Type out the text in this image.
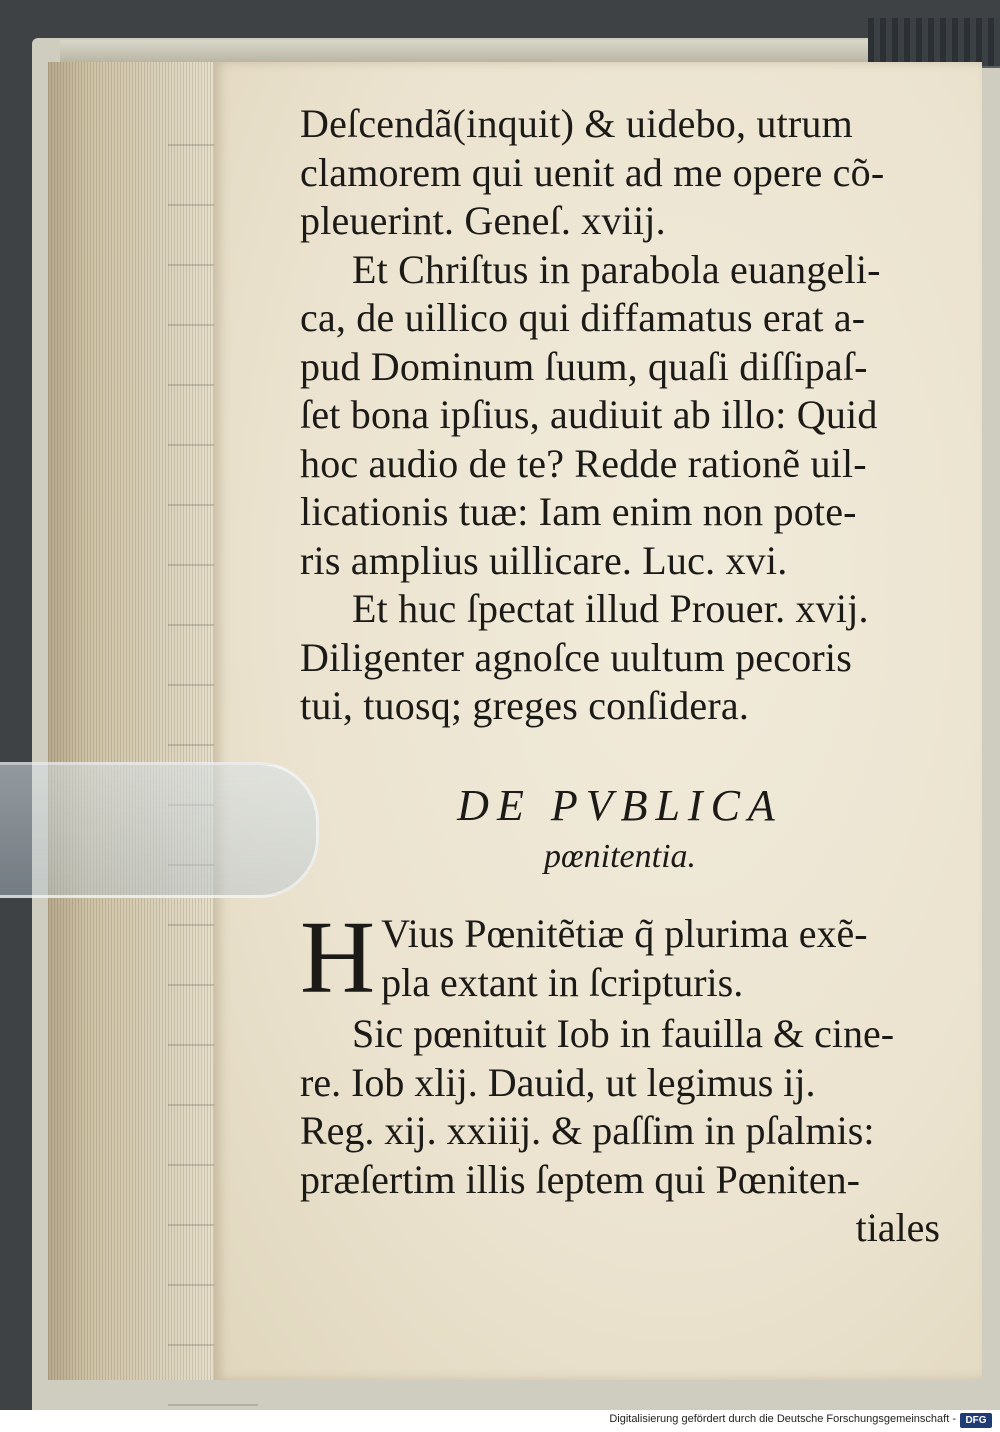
Deſcendã(inquit) & uidebo, utrum
clamorem qui uenit ad me opere cõ-
pleuerint. Geneſ. xviij.
Et Chriſtus in parabola euangeli-
ca, de uillico qui diffamatus erat a-
pud Dominum ſuum, quaſi diſſipaſ-
ſet bona ipſius, audiuit ab illo: Quid
hoc audio de te? Redde rationẽ uil-
licationis tuæ: Iam enim non pote-
ris amplius uillicare. Luc. xvi.
Et huc ſpectat illud Prouer. xvij.
Diligenter agnoſce uultum pecoris
tui, tuosq; greges conſidera.
DE PVBLICA
pœnitentia.
H Vius Pœnitẽtiæ q̃ plurima exẽ-
pla extant in ſcripturis.
Sic pœnituit Iob in fauilla & cine-
re. Iob xlij. Dauid, ut legimus ij.
Reg. xij. xxiiij. & paſſim in pſalmis:
præſertim illis ſeptem qui Pœniten-
tiales
Digitalisierung gefördert durch die Deutsche Forschungsgemeinschaft - DFG
